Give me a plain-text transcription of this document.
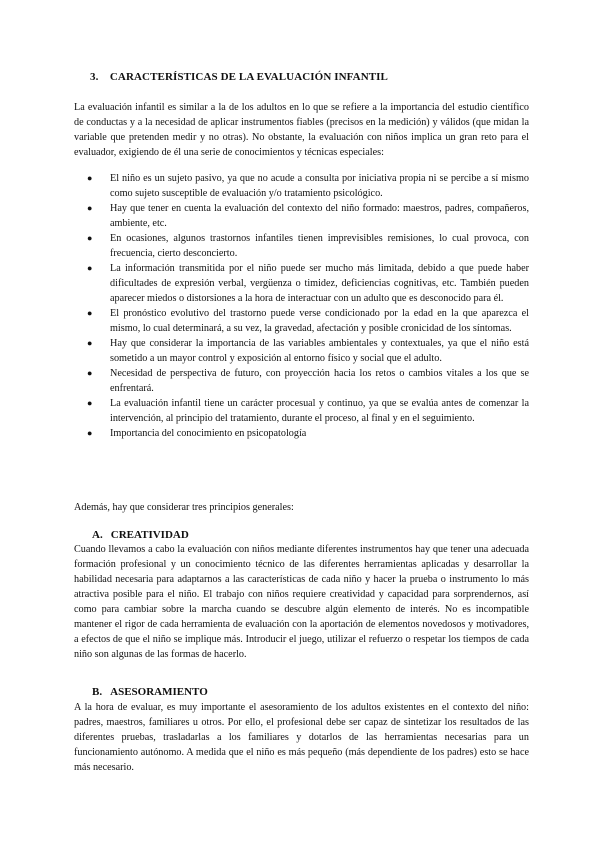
3. CARACTERÍSTICAS DE LA EVALUACIÓN INFANTIL

La evaluación infantil es similar a la de los adultos en lo que se refiere a la importancia del estudio científico de conductas y a la necesidad de aplicar instrumentos fiables (precisos en la medición) y válidos (que midan la variable que pretenden medir y no otras). No obstante, la evaluación con niños implica un gran reto para el evaluador, exigiendo de él una serie de conocimientos y técnicas especiales:

● El niño es un sujeto pasivo, ya que no acude a consulta por iniciativa propia ni se percibe a sí mismo como sujeto susceptible de evaluación y/o tratamiento psicológico.
● Hay que tener en cuenta la evaluación del contexto del niño formado: maestros, padres, compañeros, ambiente, etc.
● En ocasiones, algunos trastornos infantiles tienen imprevisibles remisiones, lo cual provoca, con frecuencia, cierto desconcierto.
● La información transmitida por el niño puede ser mucho más limitada, debido a que puede haber dificultades de expresión verbal, vergüenza o timidez, deficiencias cognitivas, etc. También pueden aparecer miedos o distorsiones a la hora de interactuar con un adulto que es desconocido para él.
● El pronóstico evolutivo del trastorno puede verse condicionado por la edad en la que aparezca el mismo, lo cual determinará, a su vez, la gravedad, afectación y posible cronicidad de los síntomas.
● Hay que considerar la importancia de las variables ambientales y contextuales, ya que el niño está sometido a un mayor control y exposición al entorno físico y social que el adulto.
● Necesidad de perspectiva de futuro, con proyección hacia los retos o cambios vitales a los que se enfrentará.
● La evaluación infantil tiene un carácter procesual y continuo, ya que se evalúa antes de comenzar la intervención, al principio del tratamiento, durante el proceso, al final y en el seguimiento.
● Importancia del conocimiento en psicopatología

Además, hay que considerar tres principios generales:

A. CREATIVIDAD

Cuando llevamos a cabo la evaluación con niños mediante diferentes instrumentos hay que tener una adecuada formación profesional y un conocimiento técnico de las diferentes herramientas aplicadas y desarrollar la habilidad necesaria para adaptarnos a las características de cada niño y hacer la prueba o instrumento lo más atractiva posible para el niño. El trabajo con niños requiere creatividad y capacidad para sorprendernos, así como para cambiar sobre la marcha cuando se descubre algún elemento de interés. No es incompatible mantener el rigor de cada herramienta de evaluación con la aportación de elementos novedosos y motivadores, a efectos de que el niño se implique más. Introducir el juego, utilizar el refuerzo o respetar los tiempos de cada niño son algunas de las formas de hacerlo.

B. ASESORAMIENTO

A la hora de evaluar, es muy importante el asesoramiento de los adultos existentes en el contexto del niño: padres, maestros, familiares u otros. Por ello, el profesional debe ser capaz de sintetizar los resultados de las diferentes pruebas, trasladarlas a los familiares y dotarlos de las herramientas necesarias para un funcionamiento autónomo. A medida que el niño es más pequeño (más dependiente de los padres) esto se hace más necesario.
